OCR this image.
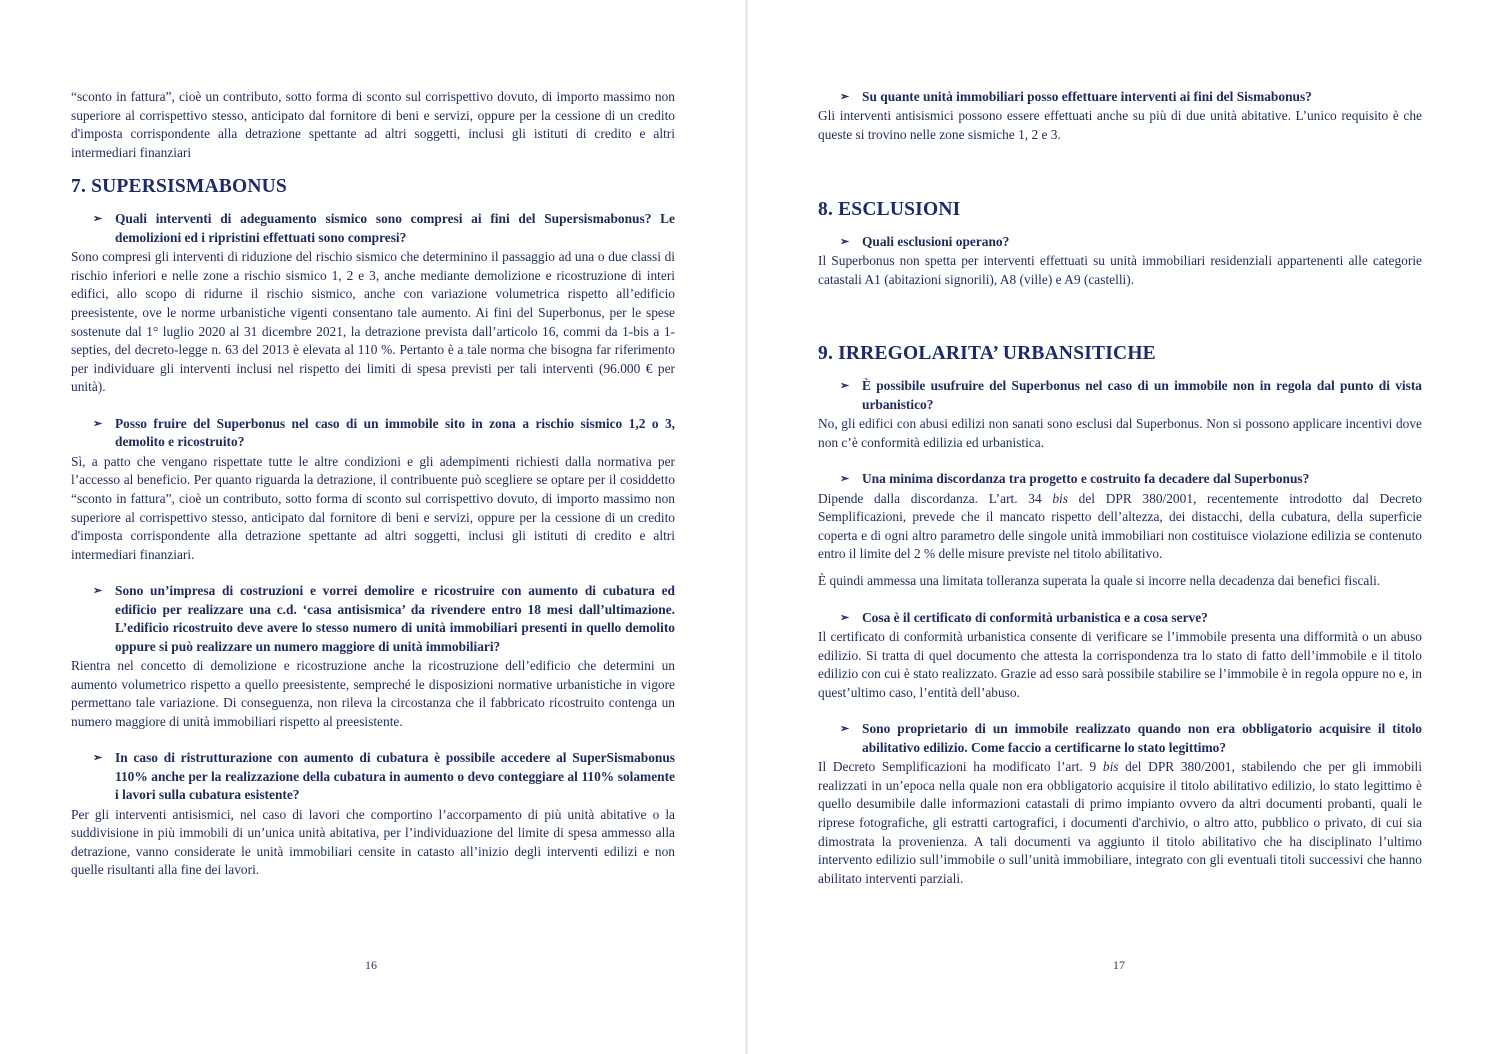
“sconto in fattura”, cioè un contributo, sotto forma di sconto sul corrispettivo dovuto, di importo massimo non superiore al corrispettivo stesso, anticipato dal fornitore di beni e servizi, oppure per la cessione di un credito d'imposta corrispondente alla detrazione spettante ad altri soggetti, inclusi gli istituti di credito e altri intermediari finanziari

7. SUPERSISMABONUS
➢ Quali interventi di adeguamento sismico sono compresi ai fini del Supersismabonus? Le demolizioni ed i ripristini effettuati sono compresi?

Sono compresi gli interventi di riduzione del rischio sismico che determinino il passaggio ad una o due classi di rischio inferiori e nelle zone a rischio sismico 1, 2 e 3, anche mediante demolizione e ricostruzione di interi edifici, allo scopo di ridurne il rischio sismico, anche con variazione volumetrica rispetto all’edificio preesistente, ove le norme urbanistiche vigenti consentano tale aumento. Ai fini del Superbonus, per le spese sostenute dal 1° luglio 2020 al 31 dicembre 2021, la detrazione prevista dall’articolo 16, commi da 1-bis a 1-septies, del decreto-legge n. 63 del 2013 è elevata al 110 %. Pertanto è a tale norma che bisogna far riferimento per individuare gli interventi inclusi nel rispetto dei limiti di spesa previsti per tali interventi (96.000 € per unità).

➢ Posso fruire del Superbonus nel caso di un immobile sito in zona a rischio sismico 1,2 o 3, demolito e ricostruito?

Sì, a patto che vengano rispettate tutte le altre condizioni e gli adempimenti richiesti dalla normativa per l’accesso al beneficio. Per quanto riguarda la detrazione, il contribuente può scegliere se optare per il cosiddetto “sconto in fattura”, cioè un contributo, sotto forma di sconto sul corrispettivo dovuto, di importo massimo non superiore al corrispettivo stesso, anticipato dal fornitore di beni e servizi, oppure per la cessione di un credito d'imposta corrispondente alla detrazione spettante ad altri soggetti, inclusi gli istituti di credito e altri intermediari finanziari.

➢ Sono un’impresa di costruzioni e vorrei demolire e ricostruire con aumento di cubatura ed edificio per realizzare una c.d. ‘casa antisismica’ da rivendere entro 18 mesi dall’ultimazione. L’edificio ricostruito deve avere lo stesso numero di unità immobiliari presenti in quello demolito oppure si può realizzare un numero maggiore di unità immobiliari?

Rientra nel concetto di demolizione e ricostruzione anche la ricostruzione dell’edificio che determini un aumento volumetrico rispetto a quello preesistente, sempreché le disposizioni normative urbanistiche in vigore permettano tale variazione. Di conseguenza, non rileva la circostanza che il fabbricato ricostruito contenga un numero maggiore di unità immobiliari rispetto al preesistente.

➢ In caso di ristrutturazione con aumento di cubatura è possibile accedere al SuperSismabonus 110% anche per la realizzazione della cubatura in aumento o devo conteggiare al 110% solamente i lavori sulla cubatura esistente?

Per gli interventi antisismici, nel caso di lavori che comportino l’accorpamento di più unità abitative o la suddivisione in più immobili di un’unica unità abitativa, per l’individuazione del limite di spesa ammesso alla detrazione, vanno considerate le unità immobiliari censite in catasto all’inizio degli interventi edilizi e non quelle risultanti alla fine dei lavori.

16
➢ Su quante unità immobiliari posso effettuare interventi ai fini del Sismabonus?

Gli interventi antisismici possono essere effettuati anche su più di due unità abitative. L’unico requisito è che queste si trovino nelle zone sismiche 1, 2 e 3.

8. ESCLUSIONI
➢ Quali esclusioni operano?

Il Superbonus non spetta per interventi effettuati su unità immobiliari residenziali appartenenti alle categorie catastali A1 (abitazioni signorili), A8 (ville) e A9 (castelli).

9. IRREGOLARITA’ URBANSITICHE
➢ È possibile usufruire del Superbonus nel caso di un immobile non in regola dal punto di vista urbanistico?

No, gli edifici con abusi edilizi non sanati sono esclusi dal Superbonus. Non si possono applicare incentivi dove non c’è conformità edilizia ed urbanistica.

➢ Una minima discordanza tra progetto e costruito fa decadere dal Superbonus?

Dipende dalla discordanza. L’art. 34 bis del DPR 380/2001, recentemente introdotto dal Decreto Semplificazioni, prevede che il mancato rispetto dell’altezza, dei distacchi, della cubatura, della superficie coperta e di ogni altro parametro delle singole unità immobiliari non costituisce violazione edilizia se contenuto entro il limite del 2 % delle misure previste nel titolo abilitativo.

È quindi ammessa una limitata tolleranza superata la quale si incorre nella decadenza dai benefici fiscali.

➢ Cosa è il certificato di conformità urbanistica e a cosa serve?

Il certificato di conformità urbanistica consente di verificare se l’immobile presenta una difformità o un abuso edilizio. Si tratta di quel documento che attesta la corrispondenza tra lo stato di fatto dell’immobile e il titolo edilizio con cui è stato realizzato. Grazie ad esso sarà possibile stabilire se l’immobile è in regola oppure no e, in quest’ultimo caso, l’entità dell’abuso.

➢ Sono proprietario di un immobile realizzato quando non era obbligatorio acquisire il titolo abilitativo edilizio. Come faccio a certificarne lo stato legittimo?

Il Decreto Semplificazioni ha modificato l’art. 9 bis del DPR 380/2001, stabilendo che per gli immobili realizzati in un’epoca nella quale non era obbligatorio acquisire il titolo abilitativo edilizio, lo stato legittimo è quello desumibile dalle informazioni catastali di primo impianto ovvero da altri documenti probanti, quali le riprese fotografiche, gli estratti cartografici, i documenti d'archivio, o altro atto, pubblico o privato, di cui sia dimostrata la provenienza. A tali documenti va aggiunto il titolo abilitativo che ha disciplinato l’ultimo intervento edilizio sull’immobile o sull’unità immobiliare, integrato con gli eventuali titoli successivi che hanno abilitato interventi parziali.

17
